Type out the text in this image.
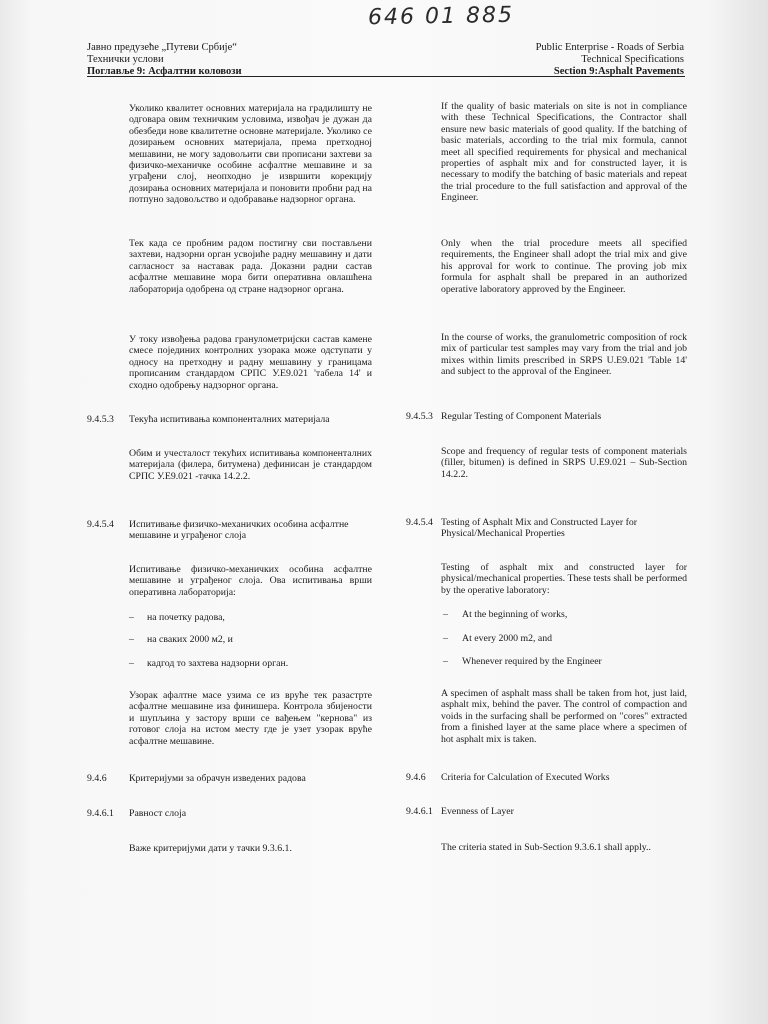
646 01 885
Јавно предузеће „Путеви Србије“
Технички услови
Поглавље 9: Асфалтни коловози
Public Enterprise - Roads of Serbia
Technical Specifications
Section 9:Asphalt Pavements
Уколико квалитет основних материјала на градилишту не одговара овим техничким условима, извођач је дужан да обезбеди нове квалитетне основне материјале. Уколико се дозирањем основних материјала, према претходној мешавини, не могу задовољити сви прописани захтеви за физичко-механичке особине асфалтне мешавине и за уграђени слој, неопходно је извршити корекцију дозирања основних материјала и поновити пробни рад на потпуно задовољство и одобравање надзорног органа.
If the quality of basic materials on site is not in compliance with these Technical Specifications, the Contractor shall ensure new basic materials of good quality. If the batching of basic materials, according to the trial mix formula, cannot meet all specified requirements for physical and mechanical properties of asphalt mix and for constructed layer, it is necessary to modify the batching of basic materials and repeat the trial procedure to the full satisfaction and approval of the Engineer.
Тек када се пробним радом постигну сви постављени захтеви, надзорни орган усвојиће радну мешавину и дати сагласност за наставак рада. Доказни радни састав асфалтне мешавине мора бити оперативна овлашћена лабораторија одобрена од стране надзорног органа.
Only when the trial procedure meets all specified requirements, the Engineer shall adopt the trial mix and give his approval for work to continue. The proving job mix formula for asphalt shall be prepared in an authorized operative laboratory approved by the Engineer.
У току извођења радова гранулометријски састав камене смесе појединих контролних узорака може одступати у односу на претходну и радну мешавину у границама прописаним стандардом СРПС У.Е9.021 'табела 14' и сходно одобрењу надзорног органа.
In the course of works, the granulometric composition of rock mix of particular test samples may vary from the trial and job mixes within limits prescribed in SRPS U.E9.021 'Table 14' and subject to the approval of the Engineer.
9.4.5.3 Текућа испитивања компоненталних материјала	9.4.5.3 Regular Testing of Component Materials
Обим и учесталост текућих испитивања компоненталних материјала (филера, битумена) дефинисан је стандардом СРПС У.Е9.021 -тачка 14.2.2.
Scope and frequency of regular tests of component materials (filler, bitumen) is defined in SRPS U.E9.021 – Sub-Section 14.2.2.
9.4.5.4 Испитивање физичко-механичких особина асфалтне мешавине и уграђеног слоја
9.4.5.4 Testing of Asphalt Mix and Constructed Layer for Physical/Mechanical Properties
Испитивање физичко-механичких особина асфалтне мешавине и уграђеног слоја. Ова испитивања врши оперативна лабораторија:
Testing of asphalt mix and constructed layer for physical/mechanical properties. These tests shall be performed by the operative laboratory:
– на почетку радова,	– At the beginning of works,
– на сваких 2000 м2, и	– At every 2000 m2, and
– кадгод то захтева надзорни орган.	– Whenever required by the Engineer
Узорак афалтне масе узима се из вруће тек разастрте асфалтне мешавине иза финишера. Контрола збијености и шупљина у застору врши се вађењем "кернова" из готовог слоја на истом месту где је узет узорак вруће асфалтне мешавине.
A specimen of asphalt mass shall be taken from hot, just laid, asphalt mix, behind the paver. The control of compaction and voids in the surfacing shall be performed on "cores" extracted from a finished layer at the same place where a specimen of hot asphalt mix is taken.
9.4.6 Критеријуми за обрачун изведених радова	9.4.6 Criteria for Calculation of Executed Works
9.4.6.1 Равност слоја	9.4.6.1 Evenness of Layer
Важе критеријуми дати у тачки 9.3.6.1.	The criteria stated in Sub-Section 9.3.6.1 shall apply..
